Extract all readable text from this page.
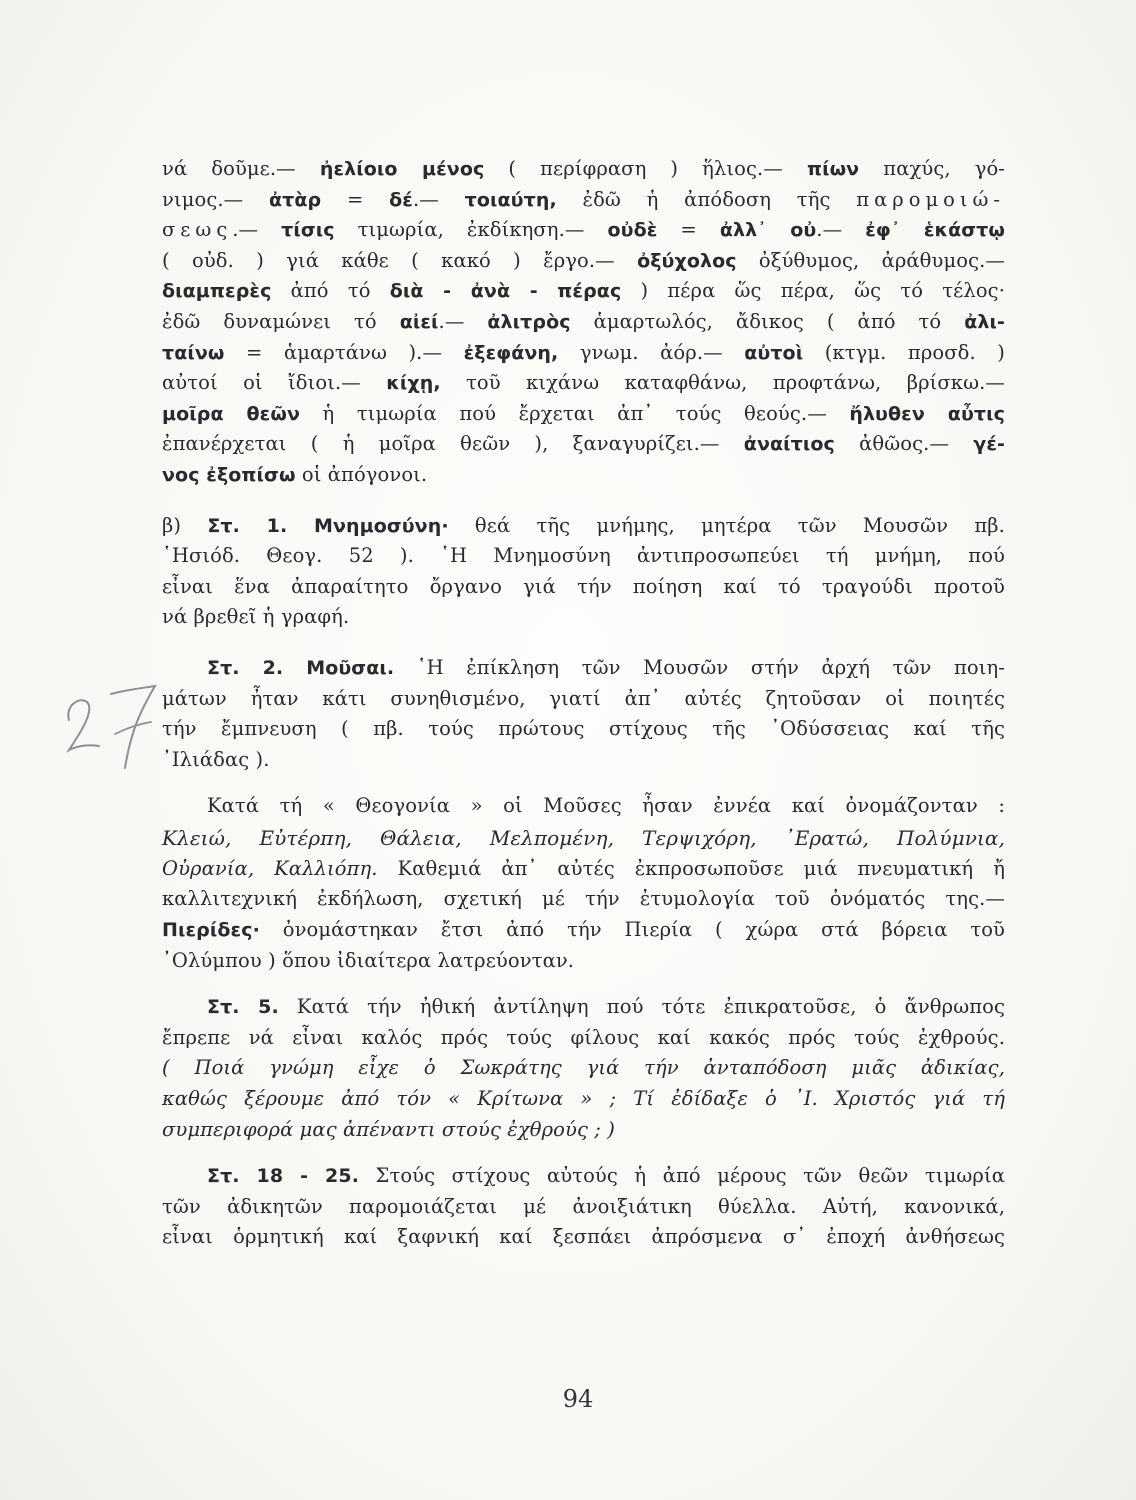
νά δοῦμε.— ἠελίοιο μένος ( περίφραση ) ἥλιος.— πίων παχύς, γό-
νιμος.— ἀτὰρ = δέ.— τοιαύτη, ἐδῶ ἡ ἀπόδοση τῆς παρομοιώ-
σεως.— τίσις τιμωρία, ἐκδίκηση.— οὐδὲ = ἀλλ᾿ οὐ.— ἐφ᾿ ἑκάστῳ
( οὐδ. ) γιά κάθε ( κακό ) ἔργο.— ὀξύχολος ὀξύθυμος, ἀράθυμος.—
διαμπερὲς ἀπό τό διὰ - ἀνὰ - πέρας ) πέρα ὥς πέρα, ὥς τό τέλος·
ἐδῶ δυναμώνει τό αἰεί.— ἀλιτρὸς ἁμαρτωλός, ἄδικος ( ἀπό τό ἀλι-
ταίνω = ἁμαρτάνω ).— ἐξεφάνη, γνωμ. ἀόρ.— αὐτοὶ (κτγμ. προσδ. )
αὐτοί οἱ ἴδιοι.— κίχῃ, τοῦ κιχάνω καταφθάνω, προφτάνω, βρίσκω.—
μοῖρα θεῶν ἡ τιμωρία πού ἔρχεται ἀπ᾿ τούς θεούς.— ἤλυθεν αὖτις
ἐπανέρχεται ( ἡ μοῖρα θεῶν ), ξαναγυρίζει.— ἀναίτιος ἀθῶος.— γέ-
νος ἐξοπίσω οἱ ἀπόγονοι.
β) Στ. 1. Μνημοσύνη· θεά τῆς μνήμης, μητέρα τῶν Μουσῶν πβ.
῾Ησιόδ. Θεογ. 52 ). ῾Η Μνημοσύνη ἀντιπροσωπεύει τή μνήμη, πού
εἶναι ἕνα ἀπαραίτητο ὄργανο γιά τήν ποίηση καί τό τραγούδι προτοῦ
νά βρεθεῖ ἡ γραφή.
Στ. 2. Μοῦσαι. ῾Η ἐπίκληση τῶν Μουσῶν στήν ἀρχή τῶν ποιη-
μάτων ἦταν κάτι συνηθισμένο, γιατί ἀπ᾿ αὐτές ζητοῦσαν οἱ ποιητές
τήν ἔμπνευση ( πβ. τούς πρώτους στίχους τῆς ᾿Οδύσσειας καί τῆς
᾿Ιλιάδας ).
Κατά τή « Θεογονία » οἱ Μοῦσες ἦσαν ἐννέα καί ὀνομάζονταν :
Κλειώ, Εὐτέρπη, Θάλεια, Μελπομένη, Τερψιχόρη, ᾿Ερατώ, Πολύμνια,
Οὐρανία, Καλλιόπη. Καθεμιά ἀπ᾿ αὐτές ἐκπροσωποῦσε μιά πνευματική ἤ
καλλιτεχνική ἐκδήλωση, σχετική μέ τήν ἐτυμολογία τοῦ ὀνόματός της.—
Πιερίδες· ὀνομάστηκαν ἔτσι ἀπό τήν Πιερία ( χώρα στά βόρεια τοῦ
᾿Ολύμπου ) ὅπου ἰδιαίτερα λατρεύονταν.
Στ. 5. Κατά τήν ἠθική ἀντίληψη πού τότε ἐπικρατοῦσε, ὁ ἄνθρωπος
ἔπρεπε νά εἶναι καλός πρός τούς φίλους καί κακός πρός τούς ἐχθρούς.
( Ποιά γνώμη εἶχε ὁ Σωκράτης γιά τήν ἀνταπόδοση μιᾶς ἀδικίας,
καθώς ξέρουμε ἀπό τόν « Κρίτωνα » ; Τί ἐδίδαξε ὁ ᾿Ι. Χριστός γιά τή
συμπεριφορά μας ἀπέναντι στούς ἐχθρούς ; )
Στ. 18 - 25. Στούς στίχους αὐτούς ἡ ἀπό μέρους τῶν θεῶν τιμωρία
τῶν ἀδικητῶν παρομοιάζεται μέ ἀνοιξιάτικη θύελλα. Αὐτή, κανονικά,
εἶναι ὁρμητική καί ξαφνική καί ξεσπάει ἀπρόσμενα σ᾿ ἐποχή ἀνθήσεως
94
